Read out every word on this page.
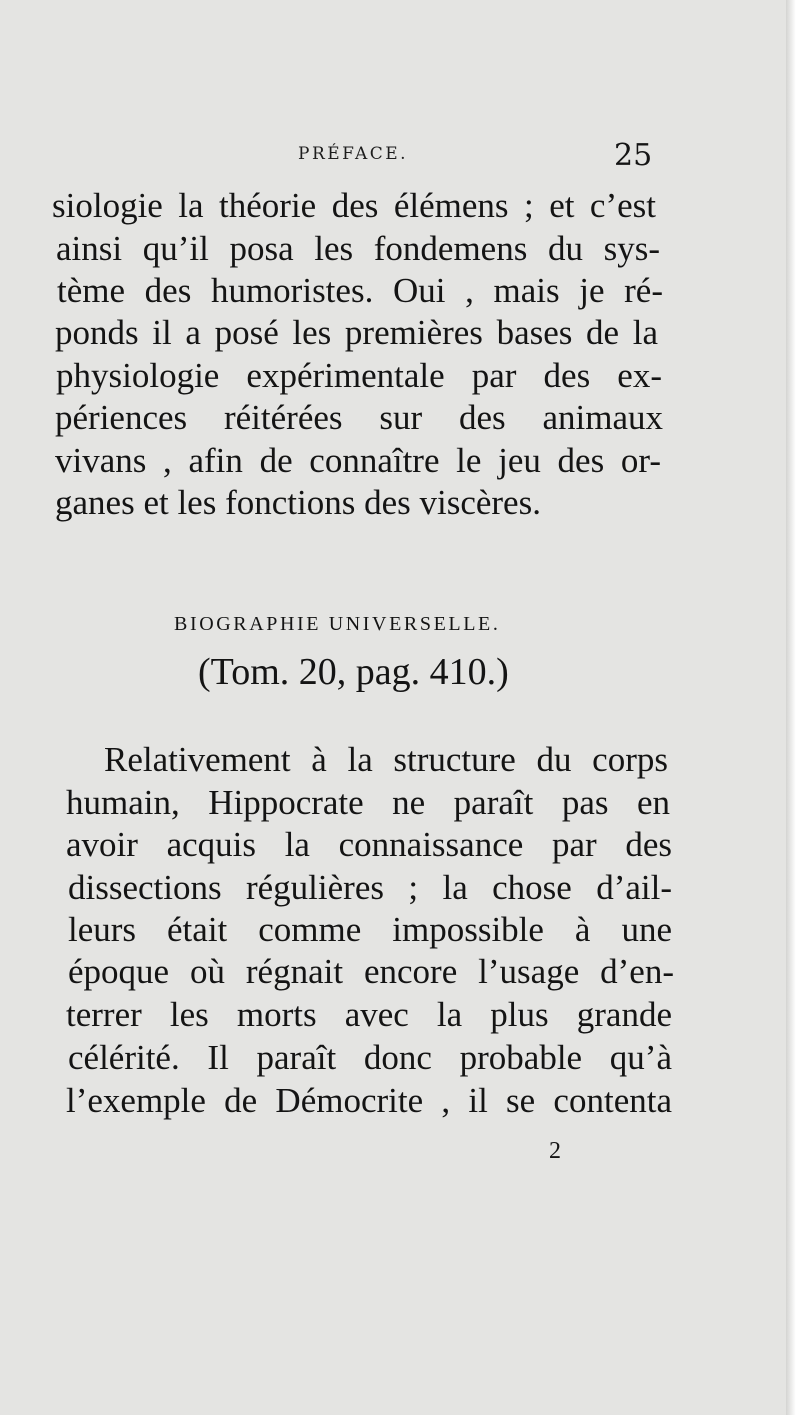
PRÉFACE.	25
siologie la théorie des élémens ; et c’est
ainsi qu’il posa les fondemens du sys-
tème des humoristes. Oui , mais je ré-
ponds il a posé les premières bases de la
physiologie expérimentale par des ex-
périences réitérées sur des animaux
vivans , afin de connaître le jeu des or-
ganes et les fonctions des viscères.
BIOGRAPHIE UNIVERSELLE.
(Tom. 20, pag. 410.)
Relativement à la structure du corps
humain, Hippocrate ne paraît pas en
avoir acquis la connaissance par des
dissections régulières ; la chose d’ail-
leurs était comme impossible à une
époque où régnait encore l’usage d’en-
terrer les morts avec la plus grande
célérité. Il paraît donc probable qu’à
l’exemple de Démocrite , il se contenta
2
